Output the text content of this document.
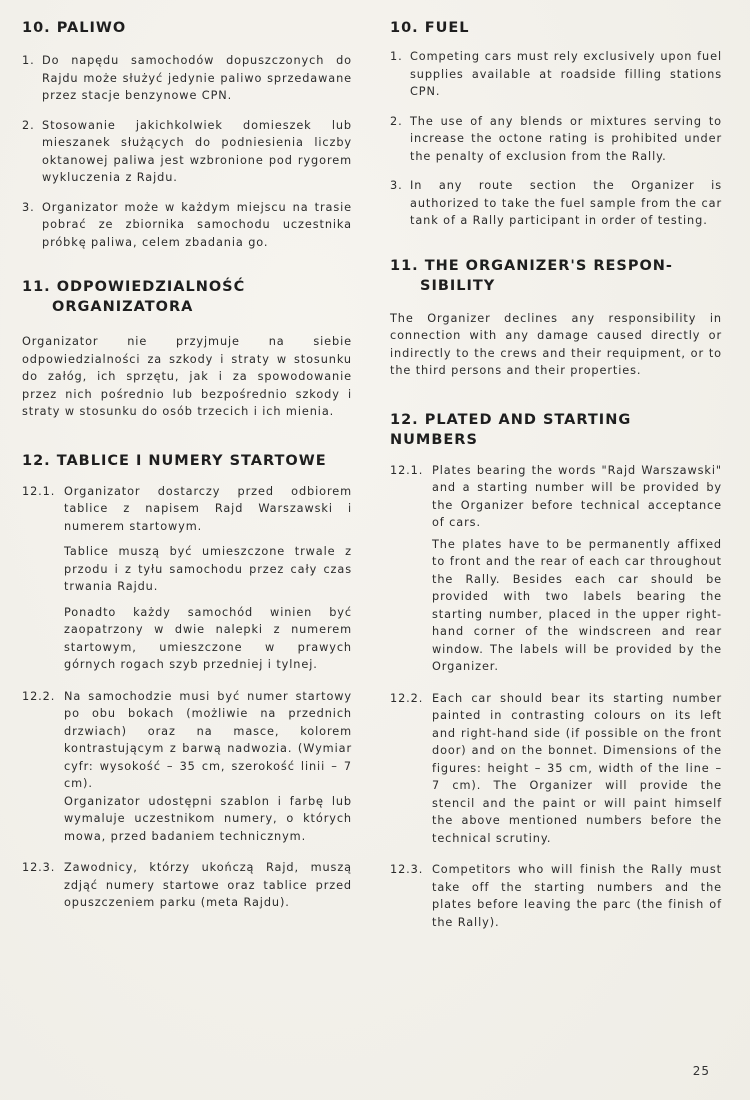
10. PALIWO
1. Do napędu samochodów dopuszczonych do Rajdu może służyć jedynie paliwo sprzedawane przez stacje benzynowe CPN.
2. Stosowanie jakichkolwiek domieszek lub mieszanek służących do podniesienia liczby oktanowej paliwa jest wzbronione pod rygorem wykluczenia z Rajdu.
3. Organizator może w każdym miejscu na trasie pobrać ze zbiornika samochodu uczestnika próbkę paliwa, celem zbadania go.
11. ODPOWIEDZIALNOŚĆ
ORGANIZATORA

Organizator nie przyjmuje na siebie odpowiedzialności za szkody i straty w stosunku do załóg, ich sprzętu, jak i za spowodowanie przez nich pośrednio lub bezpośrednio szkody i straty w stosunku do osób trzecich i ich mienia.

12. TABLICE I NUMERY STARTOWE
12.1. Organizator dostarczy przed odbiorem tablice z napisem Rajd Warszawski i numerem startowym.
Tablice muszą być umieszczone trwale z przodu i z tyłu samochodu przez cały czas trwania Rajdu.
Ponadto każdy samochód winien być zaopatrzony w dwie nalepki z numerem startowym, umieszczone w prawych górnych rogach szyb przedniej i tylnej.
12.2. Na samochodzie musi być numer startowy po obu bokach (możliwie na przednich drzwiach) oraz na masce, kolorem kontrastującym z barwą nadwozia. (Wymiar cyfr: wysokość – 35 cm, szerokość linii – 7 cm).
Organizator udostępni szablon i farbę lub wymaluje uczestnikom numery, o których mowa, przed badaniem technicznym.
12.3. Zawodnicy, którzy ukończą Rajd, muszą zdjąć numery startowe oraz tablice przed opuszczeniem parku (meta Rajdu).
10. FUEL
1. Competing cars must rely exclusively upon fuel supplies available at roadside filling stations CPN.
2. The use of any blends or mixtures serving to increase the octone rating is prohibited under the penalty of exclusion from the Rally.
3. In any route section the Organizer is authorized to take the fuel sample from the car tank of a Rally participant in order of testing.
11. THE ORGANIZER'S RESPON-
SIBILITY

The Organizer declines any responsibility in connection with any damage caused directly or indirectly to the crews and their requipment, or to the third persons and their properties.

12. PLATED AND STARTING NUMBERS
12.1. Plates bearing the words "Rajd Warszawski" and a starting number will be provided by the Organizer before technical acceptance of cars.
The plates have to be permanently affixed to front and the rear of each car throughout the Rally. Besides each car should be provided with two labels bearing the starting number, placed in the upper right-hand corner of the windscreen and rear window. The labels will be provided by the Organizer.
12.2. Each car should bear its starting number painted in contrasting colours on its left and right-hand side (if possible on the front door) and on the bonnet. Dimensions of the figures: height – 35 cm, width of the line – 7 cm). The Organizer will provide the stencil and the paint or will paint himself the above mentioned numbers before the technical scrutiny.
12.3. Competitors who will finish the Rally must take off the starting numbers and the plates before leaving the parc (the finish of the Rally).
25
